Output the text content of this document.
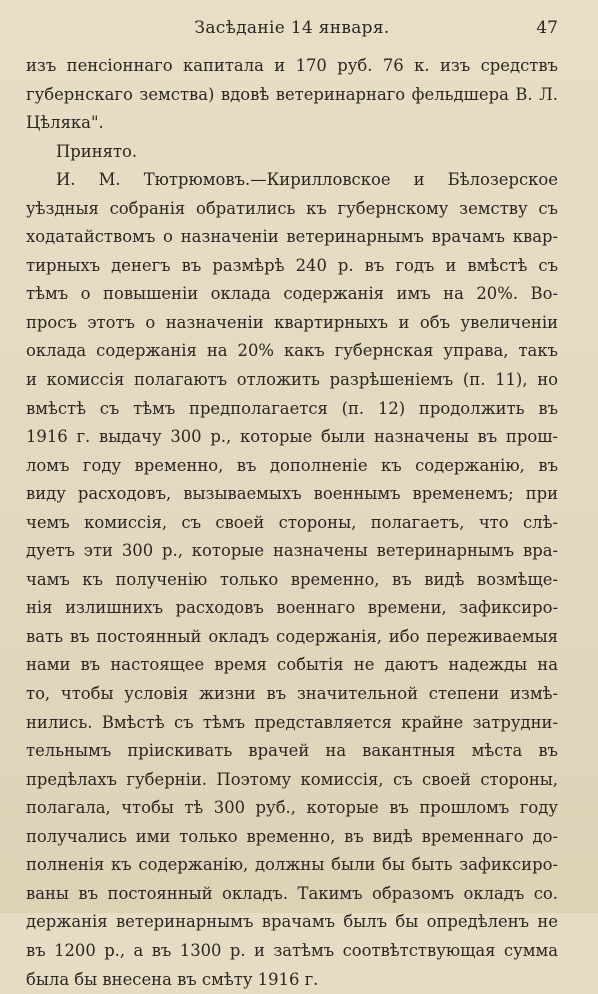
Засѣданіе 14 января.	47
изъ пенсіоннаго капитала и 170 руб. 76 к. изъ средствъ
губернскаго земства) вдовѣ ветеринарнаго фельдшера В. Л.
Цѣляка".
Принято.
И. М. Тютрюмовъ.—Кирилловское и Бѣлозерское
уѣздныя собранія обратились къ губернскому земству съ
ходатайствомъ о назначеніи ветеринарнымъ врачамъ квар-
тирныхъ денегъ въ размѣрѣ 240 р. въ годъ и вмѣстѣ съ
тѣмъ о повышеніи оклада содержанія имъ на 20%. Во-
просъ этотъ о назначеніи квартирныхъ и объ увеличеніи
оклада содержанія на 20% какъ губернская управа, такъ
и комиссія полагаютъ отложить разрѣшеніемъ (п. 11), но
вмѣстѣ съ тѣмъ предполагается (п. 12) продолжить въ
1916 г. выдачу 300 р., которые были назначены въ прош-
ломъ году временно, въ дополненіе къ содержанію, въ
виду расходовъ, вызываемыхъ военнымъ временемъ; при
чемъ комиссія, съ своей стороны, полагаетъ, что слѣ-
дуетъ эти 300 р., которые назначены ветеринарнымъ вра-
чамъ къ полученію только временно, въ видѣ возмѣще-
нія излишнихъ расходовъ военнаго времени, зафиксиро-
вать въ постоянный окладъ содержанія, ибо переживаемыя
нами въ настоящее время событія не даютъ надежды на
то, чтобы условія жизни въ значительной степени измѣ-
нились. Вмѣстѣ съ тѣмъ представляется крайне затрудни-
тельнымъ пріискивать врачей на вакантныя мѣста въ
предѣлахъ губерніи. Поэтому комиссія, съ своей стороны,
полагала, чтобы тѣ 300 руб., которые въ прошломъ году
получались ими только временно, въ видѣ временнаго до-
полненія къ содержанію, должны были бы быть зафиксиро-
ваны въ постоянный окладъ. Такимъ образомъ окладъ со.
держанія ветеринарнымъ врачамъ былъ бы опредѣленъ не
въ 1200 р., а въ 1300 р. и затѣмъ соотвѣтствующая сумма
была бы внесена въ смѣту 1916 г.
